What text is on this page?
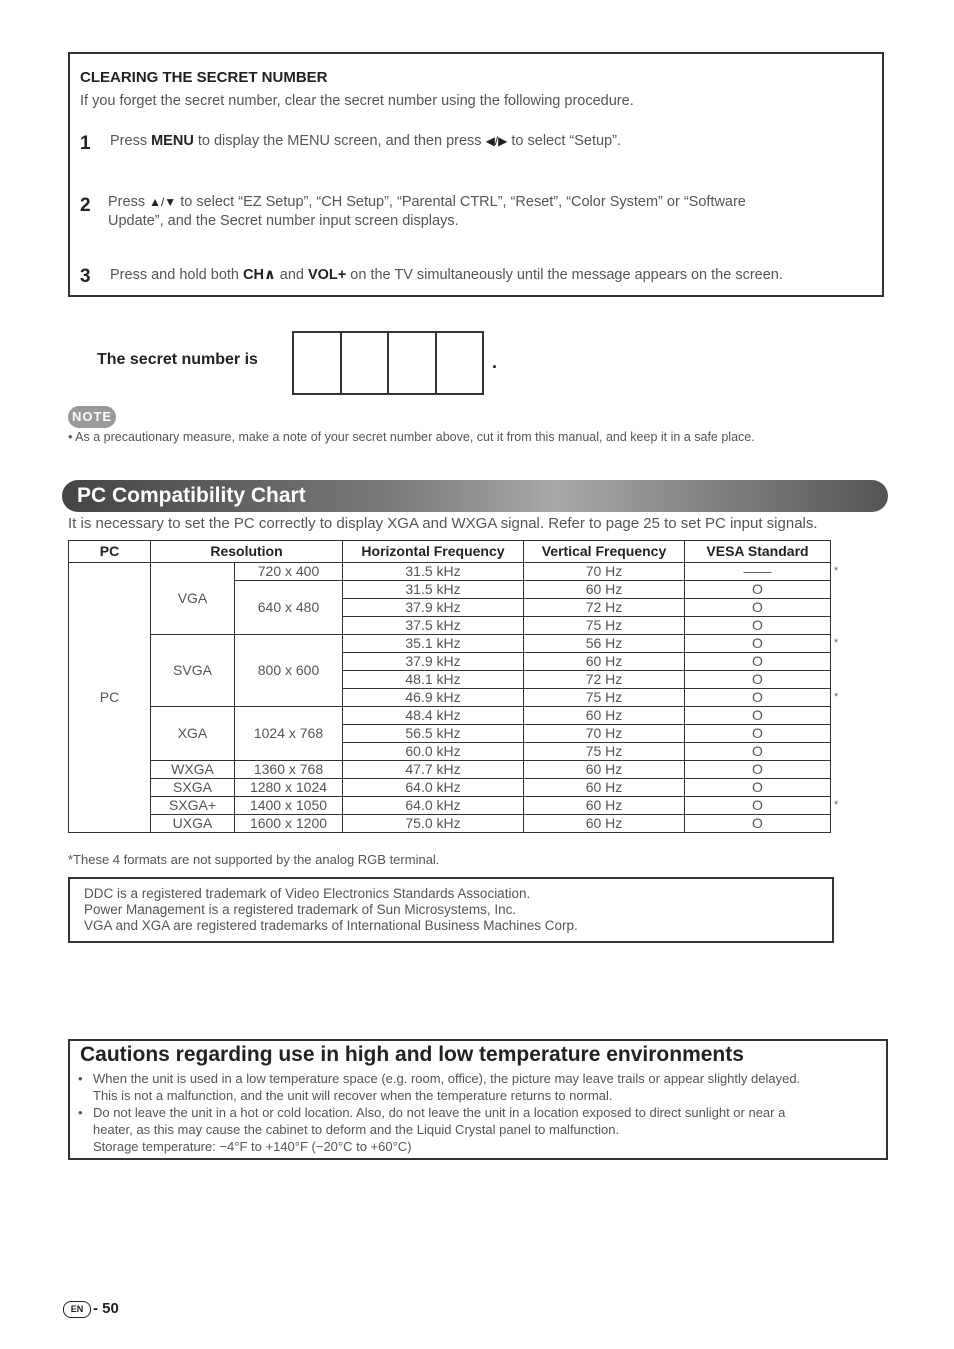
CLEARING THE SECRET NUMBER
If you forget the secret number, clear the secret number using the following procedure.
1 Press MENU to display the MENU screen, and then press ◀/▶ to select “Setup”.
2 Press ▲/▼ to select “EZ Setup”, “CH Setup”, “Parental CTRL”, “Reset”, “Color System” or “Software
Update”, and the Secret number input screen displays.
3 Press and hold both CH∧ and VOL+ on the TV simultaneously until the message appears on the screen.
The secret number is	.
NOTE
• As a precautionary measure, make a note of your secret number above, cut it from this manual, and keep it in a safe place.
PC Compatibility Chart
It is necessary to set the PC correctly to display XGA and WXGA signal. Refer to page 25 to set PC input signals.
PC	Resolution		Horizontal Frequency	Vertical Frequency	VESA Standard	
PC	VGA	720 x 400	31.5 kHz	70 Hz	——	*
		640 x 480	31.5 kHz	60 Hz	O	
			37.9 kHz	72 Hz	O	
			37.5 kHz	75 Hz	O	
	SVGA	800 x 600	35.1 kHz	56 Hz	O	*
			37.9 kHz	60 Hz	O	
			48.1 kHz	72 Hz	O	
			46.9 kHz	75 Hz	O	*
	XGA	1024 x 768	48.4 kHz	60 Hz	O	
			56.5 kHz	70 Hz	O	
			60.0 kHz	75 Hz	O	
	WXGA	1360 x 768	47.7 kHz	60 Hz	O	
	SXGA	1280 x 1024	64.0 kHz	60 Hz	O	
	SXGA+	1400 x 1050	64.0 kHz	60 Hz	O	*
	UXGA	1600 x 1200	75.0 kHz	60 Hz	O	
*These 4 formats are not supported by the analog RGB terminal.
DDC is a registered trademark of Video Electronics Standards Association.
Power Management is a registered trademark of Sun Microsystems, Inc.
VGA and XGA are registered trademarks of International Business Machines Corp.
Cautions regarding use in high and low temperature environments
• When the unit is used in a low temperature space (e.g. room, office), the picture may leave trails or appear slightly delayed.
This is not a malfunction, and the unit will recover when the temperature returns to normal.
• Do not leave the unit in a hot or cold location. Also, do not leave the unit in a location exposed to direct sunlight or near a
heater, as this may cause the cabinet to deform and the Liquid Crystal panel to malfunction.
Storage temperature: −4°F to +140°F (−20°C to +60°C)
EN - 50
